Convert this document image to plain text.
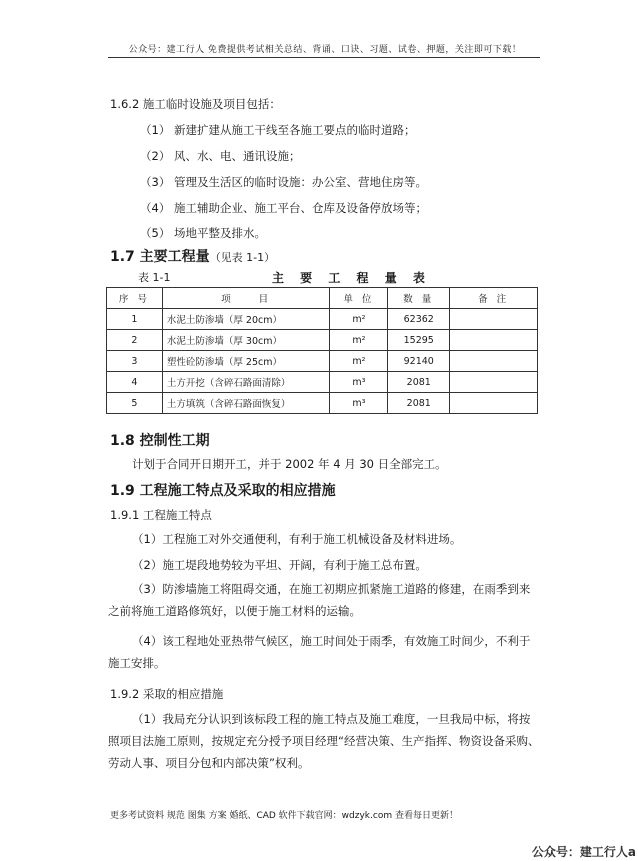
公众号：建工行人 免费提供考试相关总结、背诵、口诀、习题、试卷、押题，关注即可下载！
1.6.2 施工临时设施及项目包括：
（1） 新建扩建从施工干线至各施工要点的临时道路；
（2） 风、水、电、通讯设施；
（3） 管理及生活区的临时设施：办公室、营地住房等。
（4） 施工辅助企业、施工平台、仓库及设备停放场等；
（5） 场地平整及排水。
1.7 主要工程量（见表 1-1）
表 1-1	主 要 工 程 量 表
序 号	项　　目	单 位	数 量	备 注
1	水泥土防渗墙（厚 20cm）	m²	62362	
2	水泥土防渗墙（厚 30cm）	m²	15295	
3	塑性砼防渗墙（厚 25cm）	m²	92140	
4	土方开挖（含碎石路面清除）	m³	2081	
5	土方填筑（含碎石路面恢复）	m³	2081	
1.8 控制性工期
计划于合同开日期开工，并于 2002 年 4 月 30 日全部完工。
1.9 工程施工特点及采取的相应措施
1.9.1 工程施工特点
（1）工程施工对外交通便利，有利于施工机械设备及材料进场。
（2）施工堤段地势较为平坦、开阔，有利于施工总布置。
（3）防渗墙施工将阻碍交通，在施工初期应抓紧施工道路的修建，在雨季到来之前将施工道路修筑好，以便于施工材料的运输。
（4）该工程地处亚热带气候区，施工时间处于雨季，有效施工时间少，不利于施工安排。
1.9.2 采取的相应措施
（1）我局充分认识到该标段工程的施工特点及施工难度，一旦我局中标，将按照项目法施工原则，按规定充分授予项目经理“经营决策、生产指挥、物资设备采购、劳动人事、项目分包和内部决策”权利。
更多考试资料 规范 图集 方案 婚纸、CAD 软件下载官网：wdzyk.com 查看每日更新！
公众号：建工行人a
